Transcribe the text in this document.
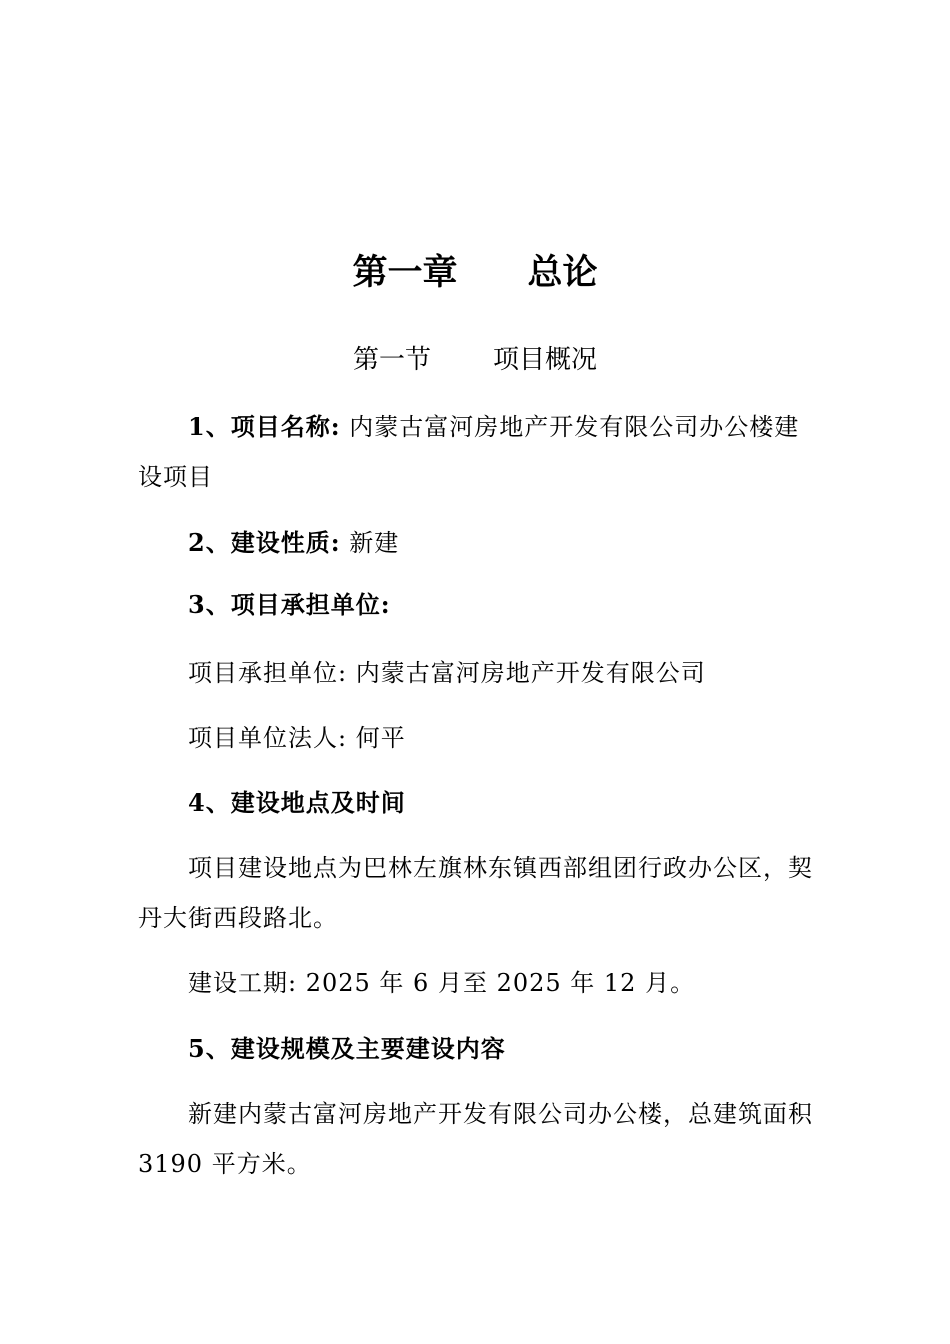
第一章 总论
第一节 项目概况
1、项目名称: 内蒙古富河房地产开发有限公司办公楼建设项目
2、建设性质: 新建
3、项目承担单位:
项目承担单位: 内蒙古富河房地产开发有限公司
项目单位法人: 何平
4、建设地点及时间
项目建设地点为巴林左旗林东镇西部组团行政办公区，契丹大街西段路北。
建设工期: 2025 年 6 月至 2025 年 12 月。
5、建设规模及主要建设内容
新建内蒙古富河房地产开发有限公司办公楼，总建筑面积 3190 平方米。
